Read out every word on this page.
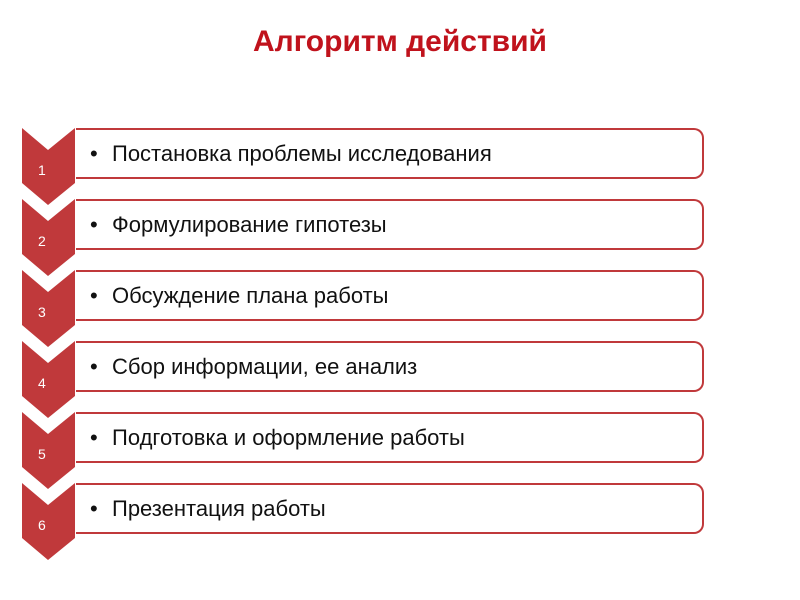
Алгоритм действий
1
• Постановка проблемы исследования
2
• Формулирование гипотезы
3
• Обсуждение плана работы
4
• Сбор информации, ее анализ
5
• Подготовка и оформление работы
6
• Презентация работы
